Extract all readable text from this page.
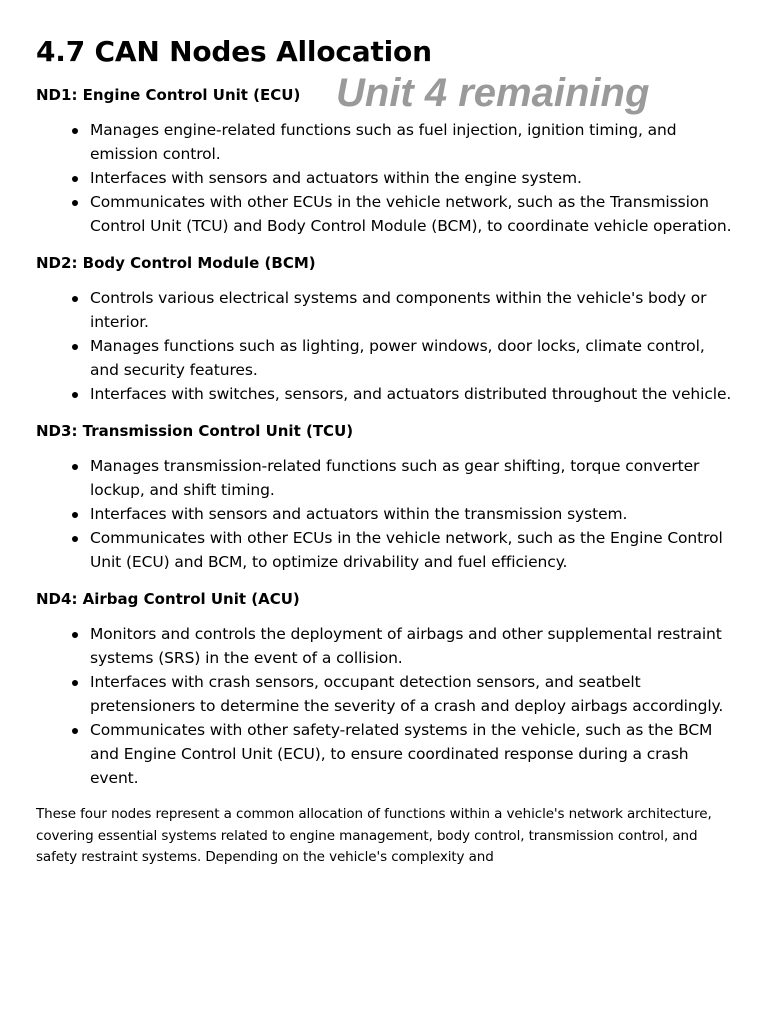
4.7 CAN Nodes Allocation
ND1: Engine Control Unit (ECU)
Manages engine-related functions such as fuel injection, ignition timing, and emission control.
Interfaces with sensors and actuators within the engine system.
Communicates with other ECUs in the vehicle network, such as the Transmission Control Unit (TCU) and Body Control Module (BCM), to coordinate vehicle operation.
ND2: Body Control Module (BCM)
Controls various electrical systems and components within the vehicle's body or interior.
Manages functions such as lighting, power windows, door locks, climate control, and security features.
Interfaces with switches, sensors, and actuators distributed throughout the vehicle.
ND3: Transmission Control Unit (TCU)
Manages transmission-related functions such as gear shifting, torque converter lockup, and shift timing.
Interfaces with sensors and actuators within the transmission system.
Communicates with other ECUs in the vehicle network, such as the Engine Control Unit (ECU) and BCM, to optimize drivability and fuel efficiency.
ND4: Airbag Control Unit (ACU)
Monitors and controls the deployment of airbags and other supplemental restraint systems (SRS) in the event of a collision.
Interfaces with crash sensors, occupant detection sensors, and seatbelt pretensioners to determine the severity of a crash and deploy airbags accordingly.
Communicates with other safety-related systems in the vehicle, such as the BCM and Engine Control Unit (ECU), to ensure coordinated response during a crash event.

These four nodes represent a common allocation of functions within a vehicle's network architecture, covering essential systems related to engine management, body control, transmission control, and safety restraint systems. Depending on the vehicle's complexity and

Unit 4 remaining
